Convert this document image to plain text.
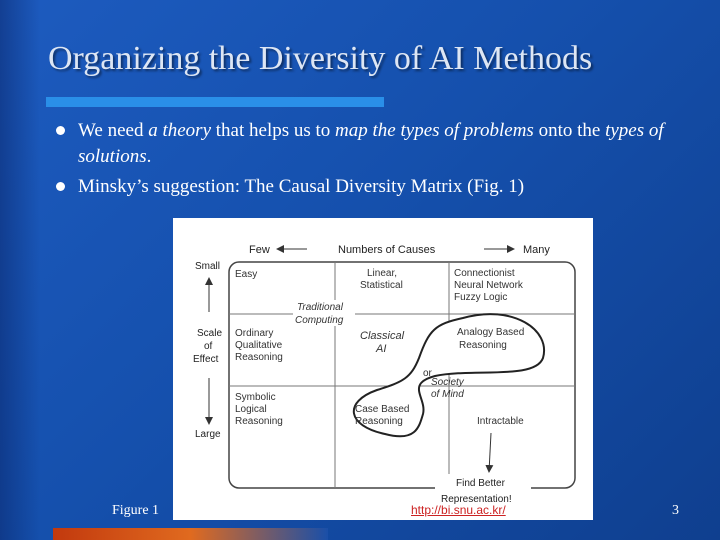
Organizing the Diversity of AI Methods
We need a theory that helps us to map the types of problems onto the types of solutions.
Minsky’s suggestion: The Causal Diversity Matrix (Fig. 1)
Few	Numbers of Causes	Many
Small
Scale
of
Effect
Large
Easy	Linear,
Statistical
Connectionist
Neural Network
Fuzzy Logic
Traditional
Computing
Ordinary
Qualitative
Reasoning
Classical
AI
Analogy Based
Reasoning
or
Society
of Mind
Symbolic
Logical
Reasoning
Case Based
Reasoning	Intractable
Find Better
Representation!
Figure 1	http://bi.snu.ac.kr/	3
